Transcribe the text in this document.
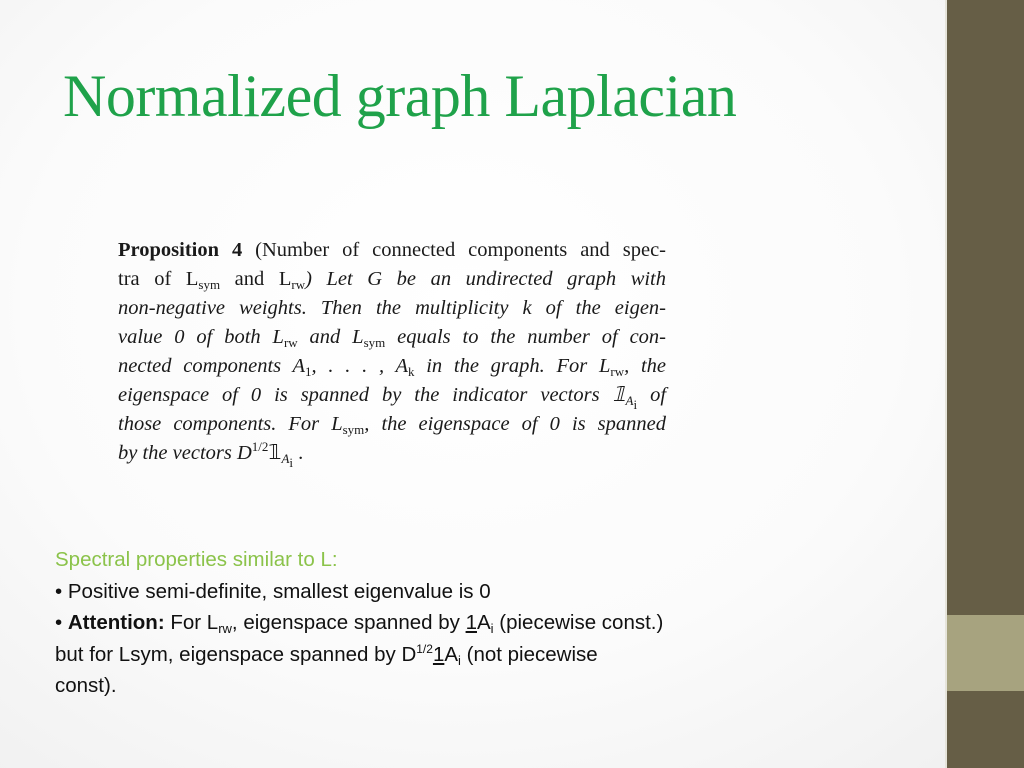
Normalized graph Laplacian
Proposition 4 (Number of connected components and spec-
tra of $L_{sym}$ and $L_{rw}$) Let G be an undirected graph with
non-negative weights. Then the multiplicity k of the eigen-
value 0 of both $L_{rw}$ and $L_{sym}$ equals to the number of con-
nected components $A_1$, . . . , $A_k$ in the graph. For $L_{rw}$, the
eigenspace of 0 is spanned by the indicator vectors $𝟙_{A_i}$ of
those components. For $L_{sym}$, the eigenspace of 0 is spanned
by the vectors $D^{1/2}𝟙_{A_i}$ .
Spectral properties similar to L:
• Positive semi-definite, smallest eigenvalue is 0
• Attention: For $L_{rw}$, eigenspace spanned by $1A_i$ (piecewise const.)
but for Lsym, eigenspace spanned by $D^{1/2}1A_i$ (not piecewise
const).
